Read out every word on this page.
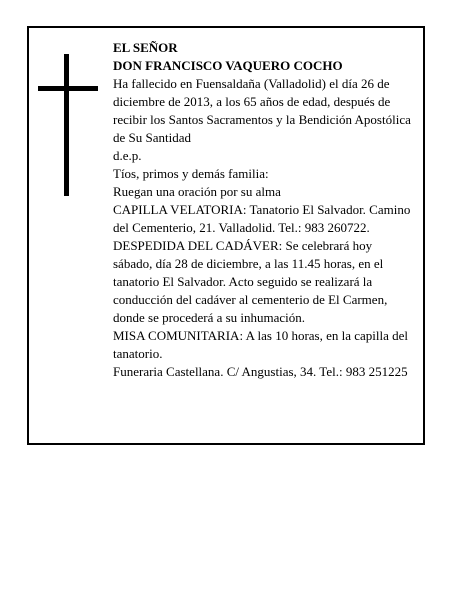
EL SEÑOR

DON FRANCISCO VAQUERO COCHO

Ha fallecido en Fuensaldaña (Valladolid) el día 26 de diciembre de 2013, a los 65 años de edad, después de recibir los Santos Sacramentos y la Bendición Apostólica de Su Santidad

d.e.p.

Tíos, primos y demás familia:

Ruegan una oración por su alma

CAPILLA VELATORIA: Tanatorio El Salvador. Camino del Cementerio, 21. Valladolid. Tel.: 983 260722.

DESPEDIDA DEL CADÁVER: Se celebrará hoy sábado, día 28 de diciembre, a las 11.45 horas, en el tanatorio El Salvador. Acto seguido se realizará la conducción del cadáver al cementerio de El Carmen, donde se procederá a su inhumación.

MISA COMUNITARIA: A las 10 horas, en la capilla del tanatorio.

Funeraria Castellana. C/ Angustias, 34. Tel.: 983 251225
